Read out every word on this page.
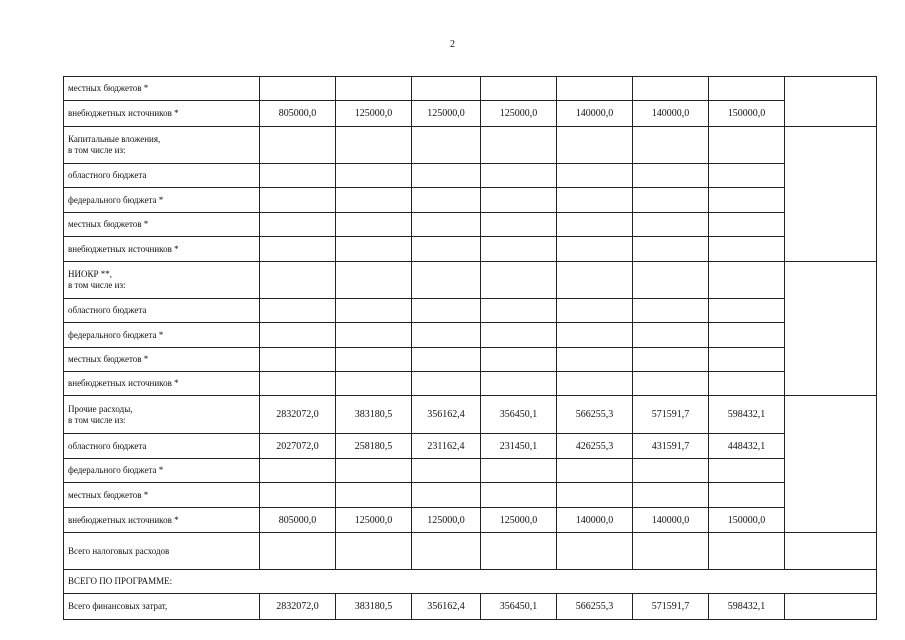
2
местных бюджетов *								
внебюджетных источников *	805000,0	125000,0	125000,0	125000,0	140000,0	140000,0	150000,0	

Капитальные вложения,
в том числе из:								

областного бюджета								
федерального бюджета *								
местных бюджетов *								
внебюджетных источников *								

НИОКР **,
в том числе из:								

областного бюджета								
федерального бюджета *								
местных бюджетов *								
внебюджетных источников *								

Прочие расходы,
в том числе из:	2832072,0	383180,5	356162,4	356450,1	566255,3	571591,7	598432,1	
областного бюджета	2027072,0	258180,5	231162,4	231450,1	426255,3	431591,7	448432,1	
федерального бюджета *								
местных бюджетов *								
внебюджетных источников *	805000,0	125000,0	125000,0	125000,0	140000,0	140000,0	150000,0	
Всего налоговых расходов								
ВСЕГО ПО ПРОГРАММЕ:								
Всего финансовых затрат,	2832072,0	383180,5	356162,4	356450,1	566255,3	571591,7	598432,1	
